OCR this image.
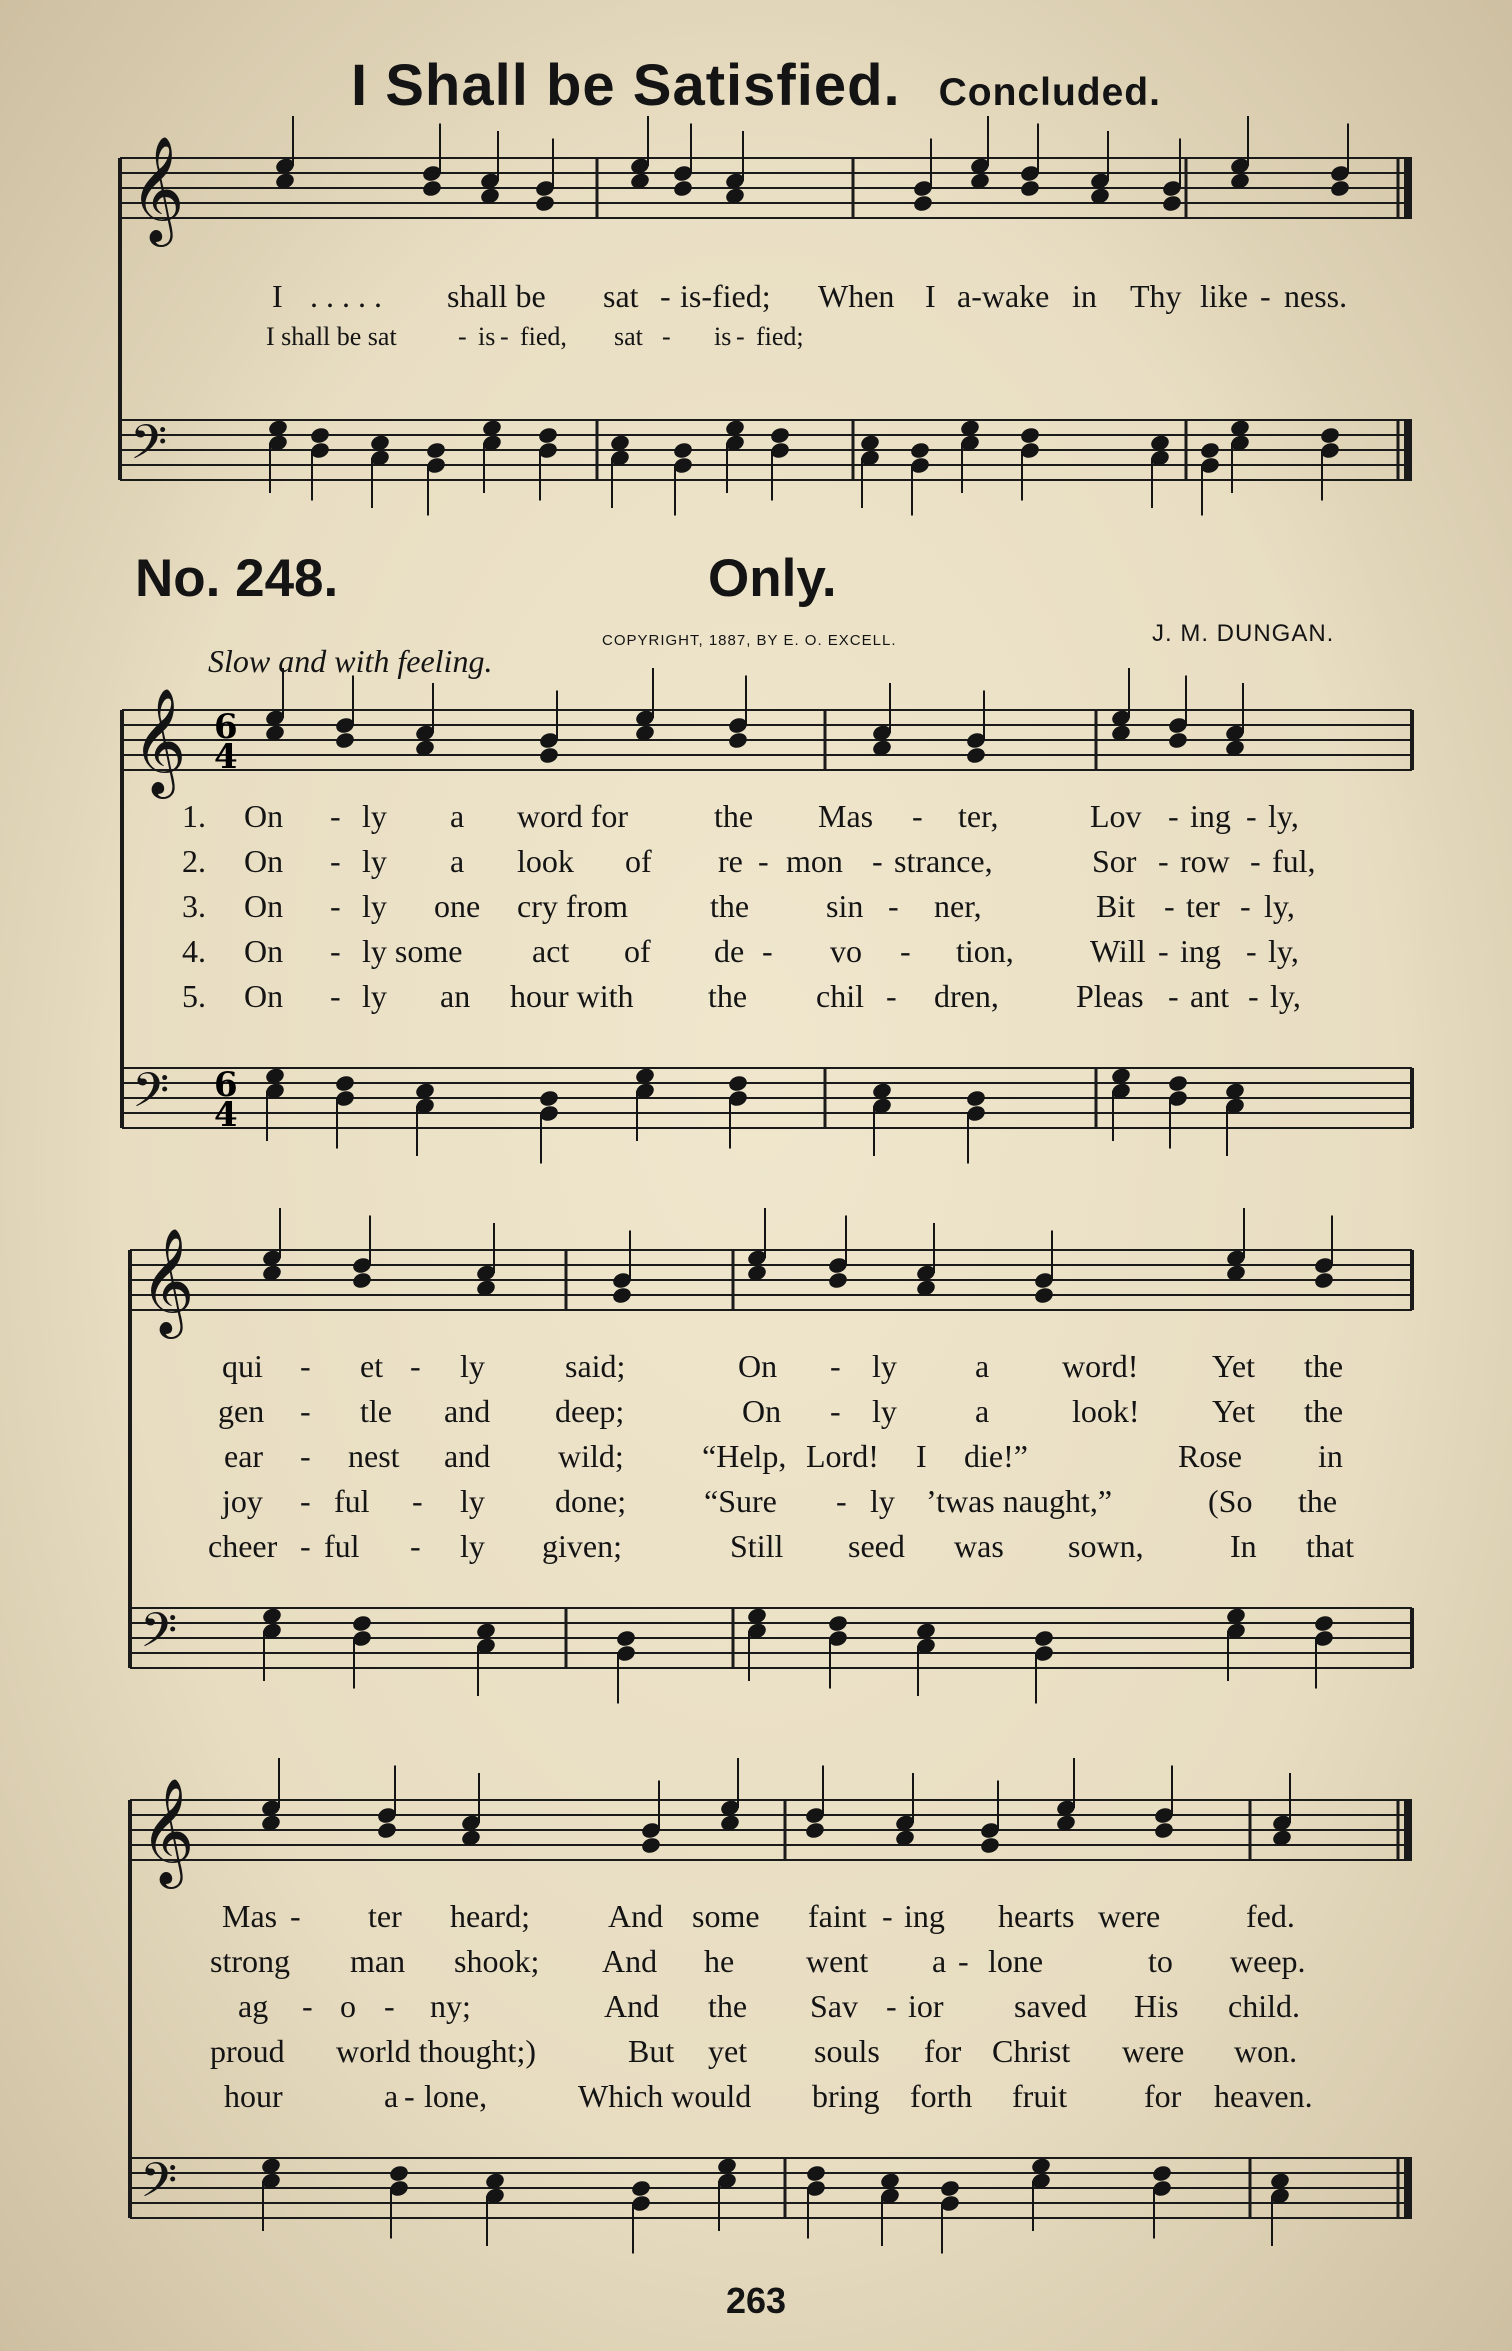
I Shall be Satisfied. Concluded.
No. 248.	Only.
COPYRIGHT, 1887, BY E. O. EXCELL.	J. M. DUNGAN.
Slow and with feeling.
I . . . . . shall be sat - is-fied; When I a-wake in Thy like - ness.
I shall be sat - is - fied, sat - is - fied;
1. On - ly a word for	the Mas - ter,	Lov - ing - ly,
2. On - ly a look of re - mon - strance,	Sor - row - ful,
3. On - ly one cry from	the sin - ner,	Bit - ter - ly,
4. On - ly some act of de - vo - tion, Will - ing - ly,
5. On - ly an hour with the chil - dren, Pleas - ant - ly,
qui - et - ly	said;	On - ly a word! Yet the
gen - tle and deep;	On - ly a	look! Yet the
ear - nest and wild; “Help, Lord! I die!”	Rose in
joy - ful - ly done; “Sure - ly ’twas naught,”	(So the
cheer - ful - ly given;	Still seed was sown,	In that
Mas - ter heard; And some faint - ing hearts were	fed.
strong man shook; And he went a - lone	to weep.
ag - o - ny;	And the Sav - ior saved His child.
proud world thought;)	But yet souls for Christ were won.
hour	a - lone,	Which would bring forth fruit for heaven.
263
𝄞
𝄢
𝄞
𝄢
𝄞
𝄢
𝄞
𝄢
6
4
6
4
